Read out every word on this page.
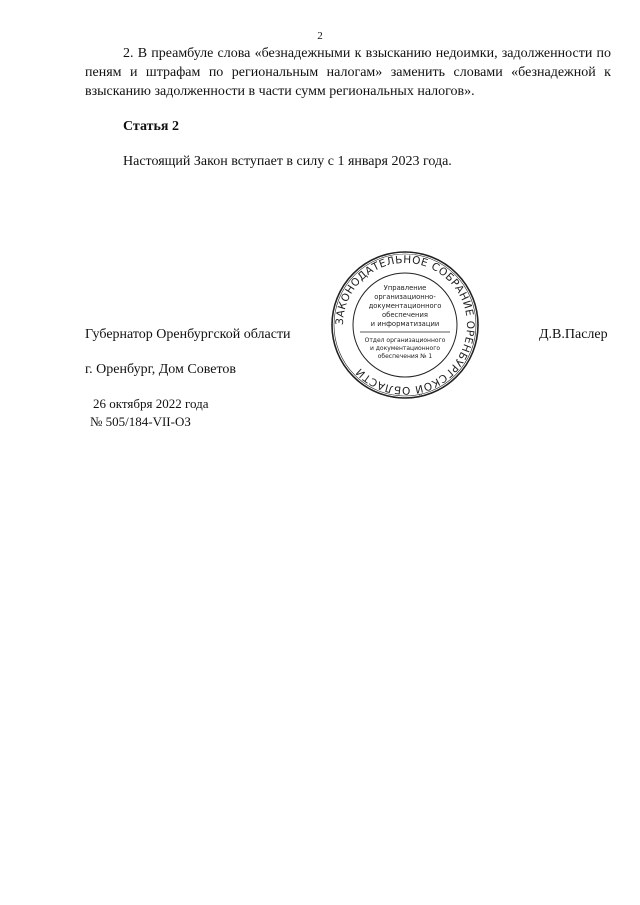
2

2. В преамбуле слова «безнадежными к взысканию недоимки, задолженности по пеням и штрафам по региональным налогам» заменить словами «безнадежной к взысканию задолженности в части сумм региональных налогов».

Статья 2

Настоящий Закон вступает в силу с 1 января 2023 года.

Губернатор Оренбургской области
ЗАКОНОДАТЕЛЬНОЕ СОБРАНИЕ ОРЕНБУРГСКОЙ ОБЛАСТИ
Управление
организационно-
документационного
обеспечения
и информатизации
Отдел организационного
и документационного
обеспечения № 1
Д.В.Паслер
г. Оренбург, Дом Советов
26 октября 2022 года
№ 505/184-VII-ОЗ
